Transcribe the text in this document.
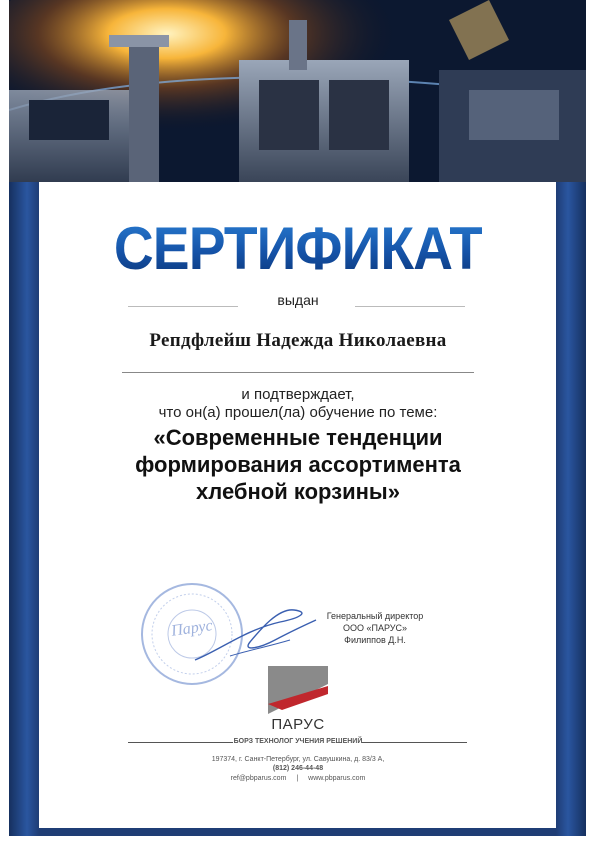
СЕРТИФИКАТ
выдан
Репдфлейш Надежда Николаевна
и подтверждает,
что он(а) прошел(ла) обучение по теме:
«Современные тенденции
формирования ассортимента
хлебной корзины»
Парус
Генеральный директор
ООО «ПАРУС»
Филиппов Д.Н.
ПАРУС
БОРЗ ТЕХНОЛОГ УЧЕНИЯ РЕШЕНИЙ
197374, г. Санкт-Петербург, ул. Савушкина, д. 83/3 А,
(812) 246-44-48
ref@pbparus.com | www.pbparus.com
